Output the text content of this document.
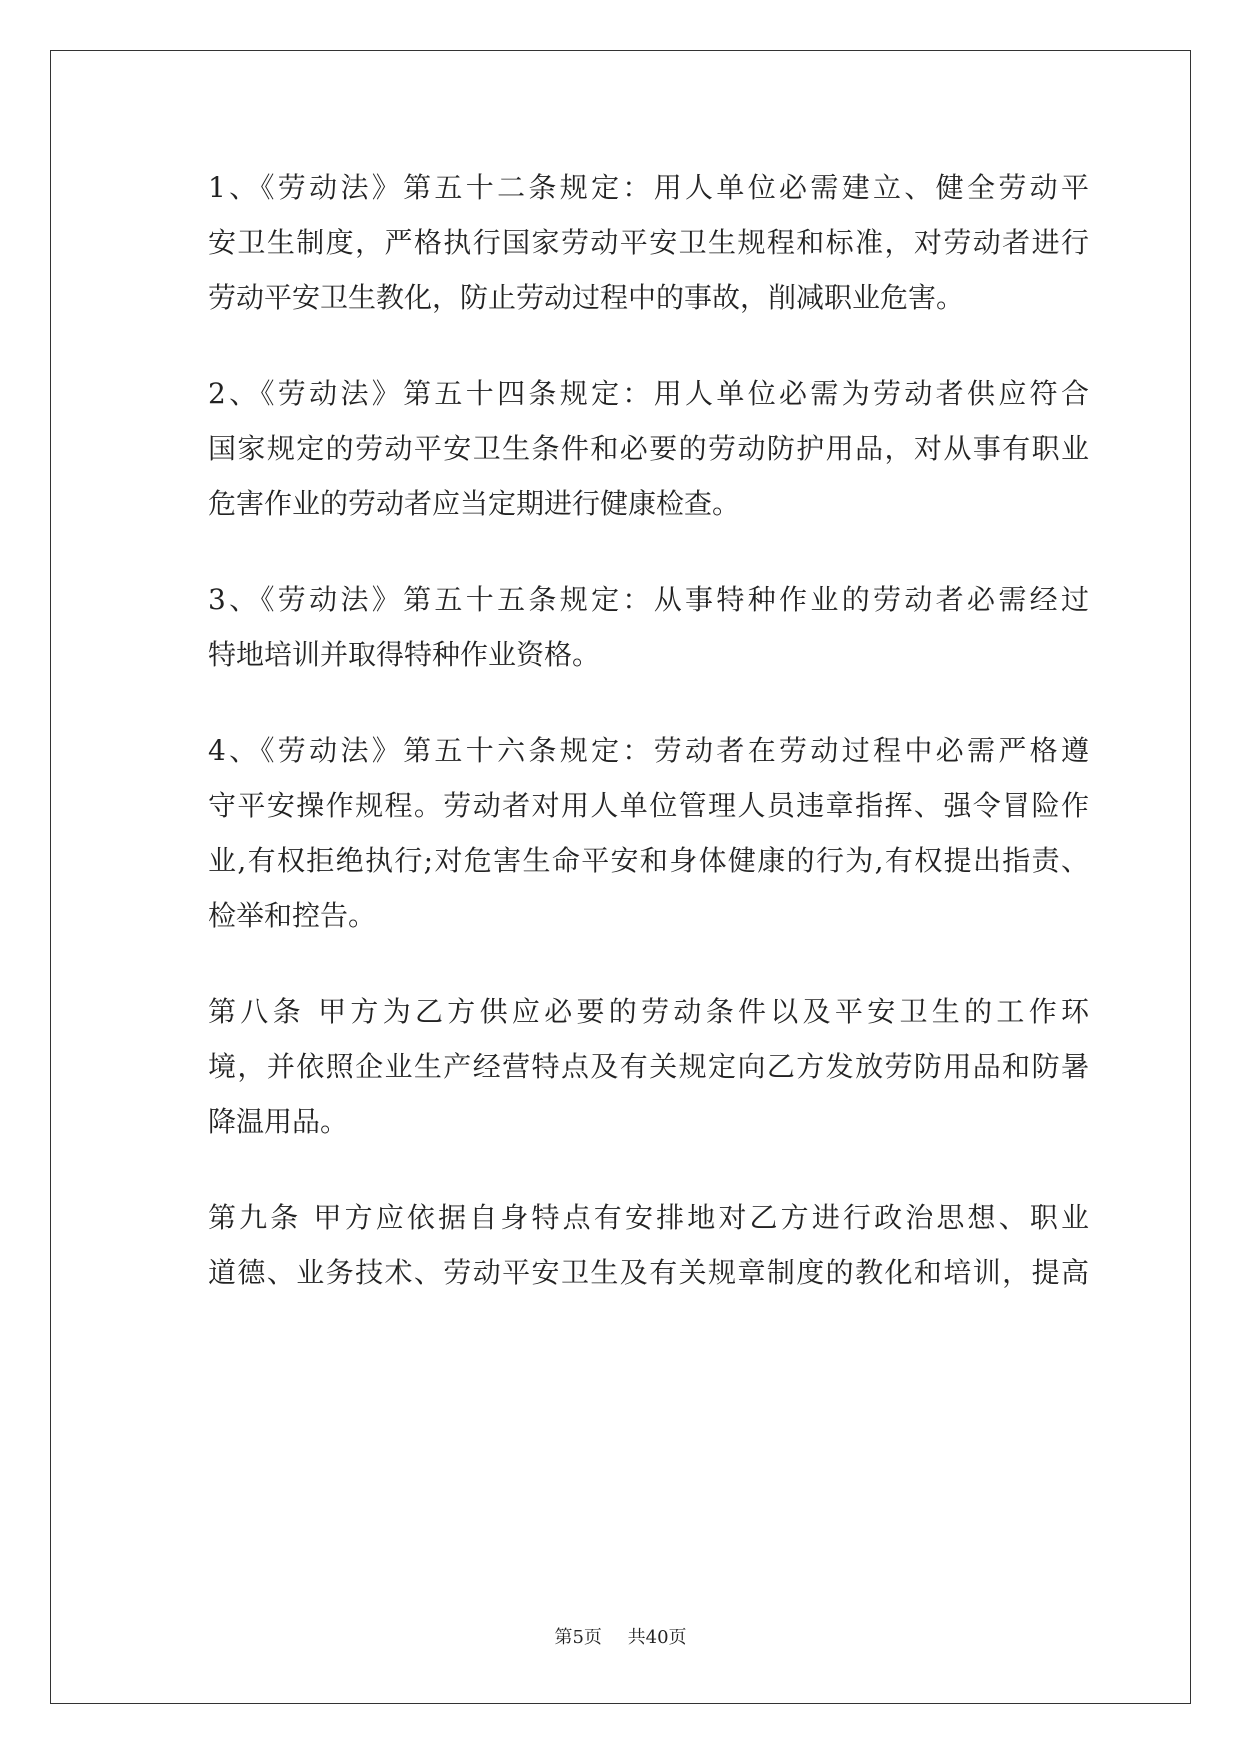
1、《劳动法》第五十二条规定：用人单位必需建立、健全劳动平
安卫生制度，严格执行国家劳动平安卫生规程和标准，对劳动者进行
劳动平安卫生教化，防止劳动过程中的事故，削减职业危害。

2、《劳动法》第五十四条规定：用人单位必需为劳动者供应符合
国家规定的劳动平安卫生条件和必要的劳动防护用品，对从事有职业
危害作业的劳动者应当定期进行健康检查。

3、《劳动法》第五十五条规定：从事特种作业的劳动者必需经过
特地培训并取得特种作业资格。

4、《劳动法》第五十六条规定：劳动者在劳动过程中必需严格遵
守平安操作规程。劳动者对用人单位管理人员违章指挥、强令冒险作
业,有权拒绝执行;对危害生命平安和身体健康的行为,有权提出指责、
检举和控告。

第八条 甲方为乙方供应必要的劳动条件以及平安卫生的工作环
境，并依照企业生产经营特点及有关规定向乙方发放劳防用品和防暑
降温用品。

第九条 甲方应依据自身特点有安排地对乙方进行政治思想、职业
道德、业务技术、劳动平安卫生及有关规章制度的教化和培训，提高

第5页 共40页
